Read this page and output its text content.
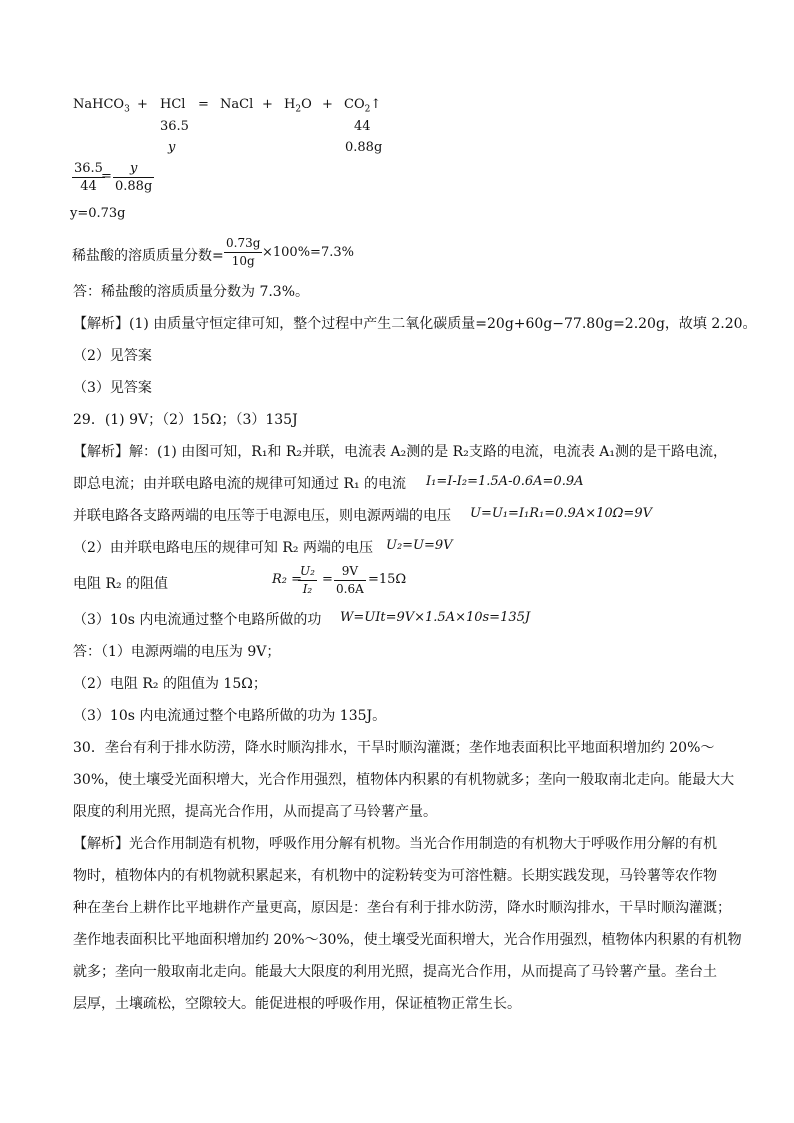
NaHCO$_3$ + HCl = NaCl + $H_2O$ + $CO_2↑$
36.5	44
y	0.88g
36.5
44
=
y
0.88g
y=0.73g
稀盐酸的溶质质量分数=
0.73g
10g
×100%=7.3%
答：稀盐酸的溶质质量分数为 7.3%。
【解析】(1) 由质量守恒定律可知，整个过程中产生二氧化碳质量=20g+60g−77.80g=2.20g，故填 2.20。
（2）见答案
（3）见答案
29．(1) 9V；（2）15Ω；（3）135J
【解析】解：(1) 由图可知，R₁和 R₂并联，电流表 A₂测的是 R₂支路的电流，电流表 A₁测的是干路电流，
即总电流；由并联电路电流的规律可知通过 R₁ 的电流 I₁=I-I₂=1.5A-0.6A=0.9A
并联电路各支路两端的电压等于电源电压，则电源两端的电压 U=U₁=I₁R₁=0.9A×10Ω=9V
（2）由并联电路电压的规律可知 R₂ 两端的电压 U₂=U=9V
电阻 R₂ 的阻值	R₂ =
U₂
I₂
=
9V
0.6A
=15Ω
（3）10s 内电流通过整个电路所做的功 W=UIt=9V×1.5A×10s=135J
答：（1）电源两端的电压为 9V；
（2）电阻 R₂ 的阻值为 15Ω；
（3）10s 内电流通过整个电路所做的功为 135J。
30．垄台有利于排水防涝，降水时顺沟排水，干旱时顺沟灌溉；垄作地表面积比平地面积增加约 20%～
30%，使土壤受光面积增大，光合作用强烈，植物体内积累的有机物就多；垄向一般取南北走向。能最大大
限度的利用光照，提高光合作用，从而提高了马铃薯产量。
【解析】光合作用制造有机物，呼吸作用分解有机物。当光合作用制造的有机物大于呼吸作用分解的有机
物时，植物体内的有机物就积累起来，有机物中的淀粉转变为可溶性糖。长期实践发现，马铃薯等农作物
种在垄台上耕作比平地耕作产量更高，原因是：垄台有利于排水防涝，降水时顺沟排水，干旱时顺沟灌溉；
垄作地表面积比平地面积增加约 20%～30%，使土壤受光面积增大，光合作用强烈，植物体内积累的有机物
就多；垄向一般取南北走向。能最大大限度的利用光照，提高光合作用，从而提高了马铃薯产量。垄台土
层厚，土壤疏松，空隙较大。能促进根的呼吸作用，保证植物正常生长。
